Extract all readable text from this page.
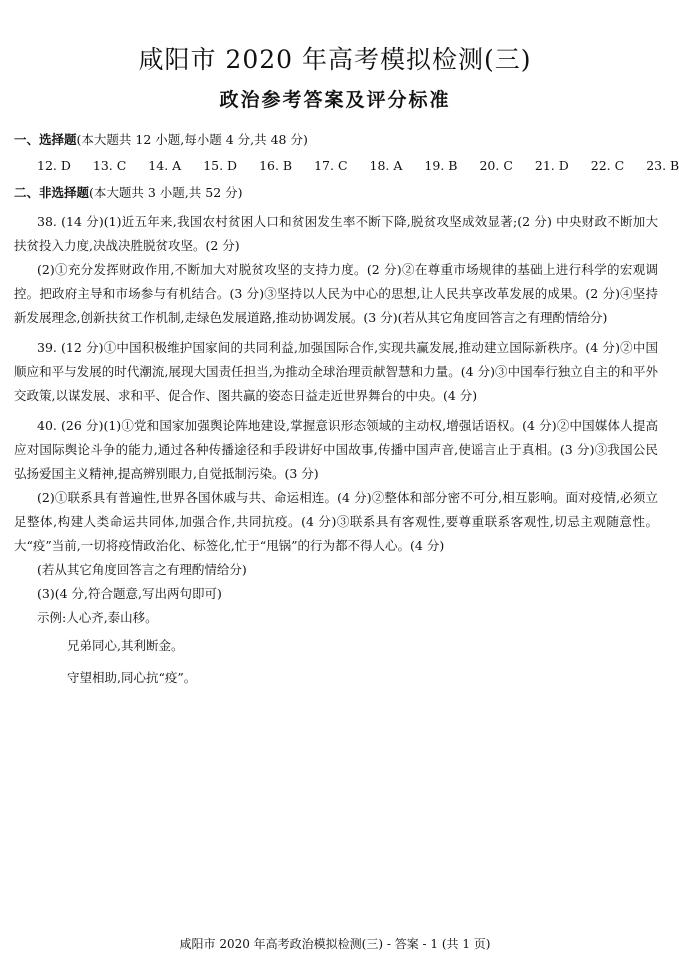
咸阳市 2020 年高考模拟检测(三)
政治参考答案及评分标准

一、选择题(本大题共 12 小题,每小题 4 分,共 48 分)

12. D 13. C 14. A 15. D 16. B 17. C 18. A 19. B 20. C 21. D 22. C 23. B

二、非选择题(本大题共 3 小题,共 52 分)

38. (14 分)(1)近五年来,我国农村贫困人口和贫困发生率不断下降,脱贫攻坚成效显著;(2 分) 中央财政不断加大扶贫投入力度,决战决胜脱贫攻坚。(2 分)

(2)①充分发挥财政作用,不断加大对脱贫攻坚的支持力度。(2 分)②在尊重市场规律的基础上进行科学的宏观调控。把政府主导和市场参与有机结合。(3 分)③坚持以人民为中心的思想,让人民共享改革发展的成果。(2 分)④坚持新发展理念,创新扶贫工作机制,走绿色发展道路,推动协调发展。(3 分)(若从其它角度回答言之有理酌情给分)

39. (12 分)①中国积极维护国家间的共同利益,加强国际合作,实现共赢发展,推动建立国际新秩序。(4 分)②中国顺应和平与发展的时代潮流,展现大国责任担当,为推动全球治理贡献智慧和力量。(4 分)③中国奉行独立自主的和平外交政策,以谋发展、求和平、促合作、图共赢的姿态日益走近世界舞台的中央。(4 分)

40. (26 分)(1)①党和国家加强舆论阵地建设,掌握意识形态领域的主动权,增强话语权。(4 分)②中国媒体人提高应对国际舆论斗争的能力,通过各种传播途径和手段讲好中国故事,传播中国声音,使谣言止于真相。(3 分)③我国公民弘扬爱国主义精神,提高辨别眼力,自觉抵制污染。(3 分)

(2)①联系具有普遍性,世界各国休戚与共、命运相连。(4 分)②整体和部分密不可分,相互影响。面对疫情,必须立足整体,构建人类命运共同体,加强合作,共同抗疫。(4 分)③联系具有客观性,要尊重联系客观性,切忌主观随意性。大“疫”当前,一切将疫情政治化、标签化,忙于“甩锅”的行为都不得人心。(4 分)

(若从其它角度回答言之有理酌情给分)

(3)(4 分,符合题意,写出两句即可)

示例:人心齐,泰山移。

兄弟同心,其利断金。

守望相助,同心抗“疫”。

咸阳市 2020 年高考政治模拟检测(三) - 答案 - 1 (共 1 页)
